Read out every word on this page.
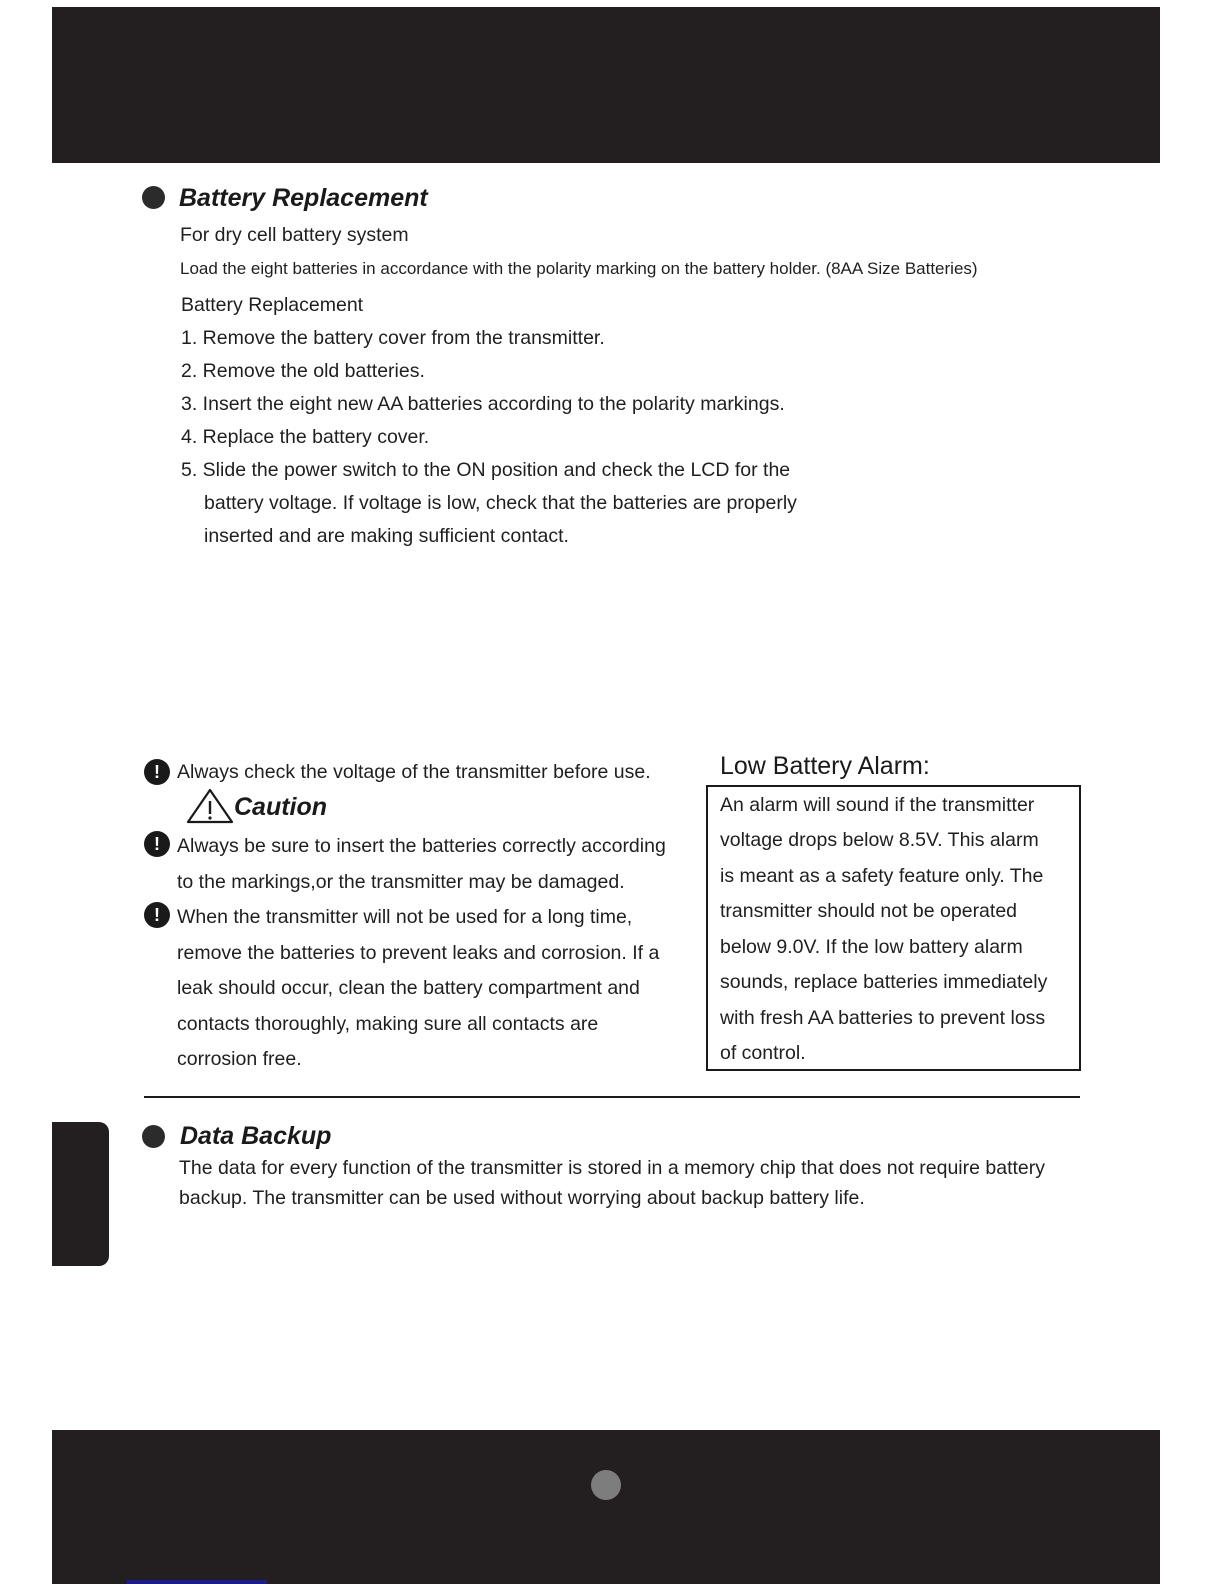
Battery Replacement
For dry cell battery system
Load the eight batteries in accordance with the polarity marking on the battery holder. (8AA Size Batteries)
Battery Replacement
1. Remove the battery cover from the transmitter.
2. Remove the old batteries.
3. Insert the eight new AA batteries according to the polarity markings.
4. Replace the battery cover.
5. Slide the power switch to the ON position and check the LCD for the
battery voltage. If voltage is low, check that the batteries are properly
inserted and are making sufficient contact.
! Always check the voltage of the transmitter before use.
Caution
! Always be sure to insert the batteries correctly according
to the markings,or the transmitter may be damaged.
! When the transmitter will not be used for a long time,
remove the batteries to prevent leaks and corrosion. If a
leak should occur, clean the battery compartment and
contacts thoroughly, making sure all contacts are
corrosion free.
Low Battery Alarm:
An alarm will sound if the transmitter
voltage drops below 8.5V. This alarm
is meant as a safety feature only. The
transmitter should not be operated
below 9.0V. If the low battery alarm
sounds, replace batteries immediately
with fresh AA batteries to prevent loss
of control.
Data Backup
The data for every function of the transmitter is stored in a memory chip that does not require battery
backup. The transmitter can be used without worrying about backup battery life.
